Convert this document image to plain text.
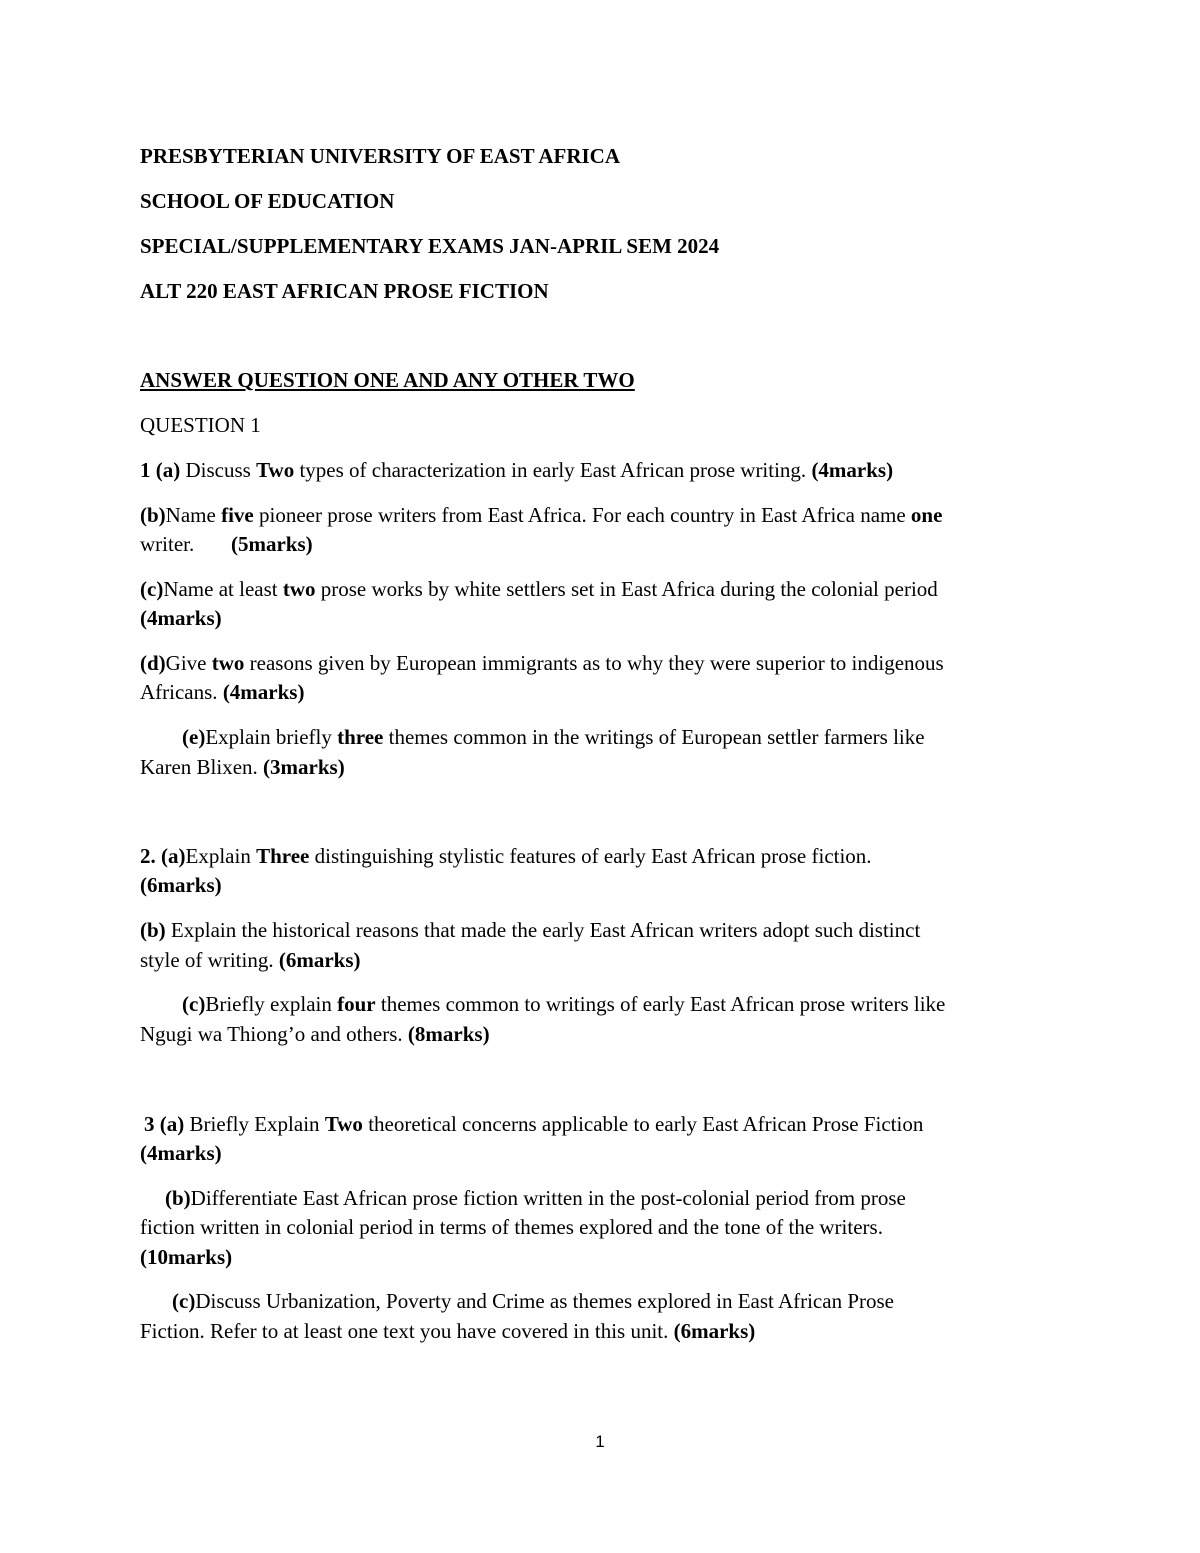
PRESBYTERIAN UNIVERSITY OF EAST AFRICA
SCHOOL OF EDUCATION
SPECIAL/SUPPLEMENTARY EXAMS JAN-APRIL SEM 2024
ALT 220 EAST AFRICAN PROSE FICTION
ANSWER QUESTION ONE AND ANY OTHER TWO
QUESTION 1
1 (a) Discuss Two types of characterization in early East African prose writing. (4marks)
(b)Name five pioneer prose writers from East Africa. For each country in East Africa name one
writer.       (5marks)
(c)Name at least two prose works by white settlers set in East Africa during the colonial period
(4marks)
(d)Give two reasons given by European immigrants as to why they were superior to indigenous
Africans. (4marks)
(e)Explain briefly three themes common in the writings of European settler farmers like
Karen Blixen. (3marks)
2. (a)Explain Three distinguishing stylistic features of early East African prose fiction.
(6marks)
(b) Explain the historical reasons that made the early East African writers adopt such distinct
style of writing. (6marks)
(c)Briefly explain four themes common to writings of early East African prose writers like
Ngugi wa Thiong’o and others. (8marks)
3 (a) Briefly Explain Two theoretical concerns applicable to early East African Prose Fiction
(4marks)
(b)Differentiate East African prose fiction written in the post-colonial period from prose
fiction written in colonial period in terms of themes explored and the tone of the writers.
(10marks)
(c)Discuss Urbanization, Poverty and Crime as themes explored in East African Prose
Fiction. Refer to at least one text you have covered in this unit. (6marks)
1
